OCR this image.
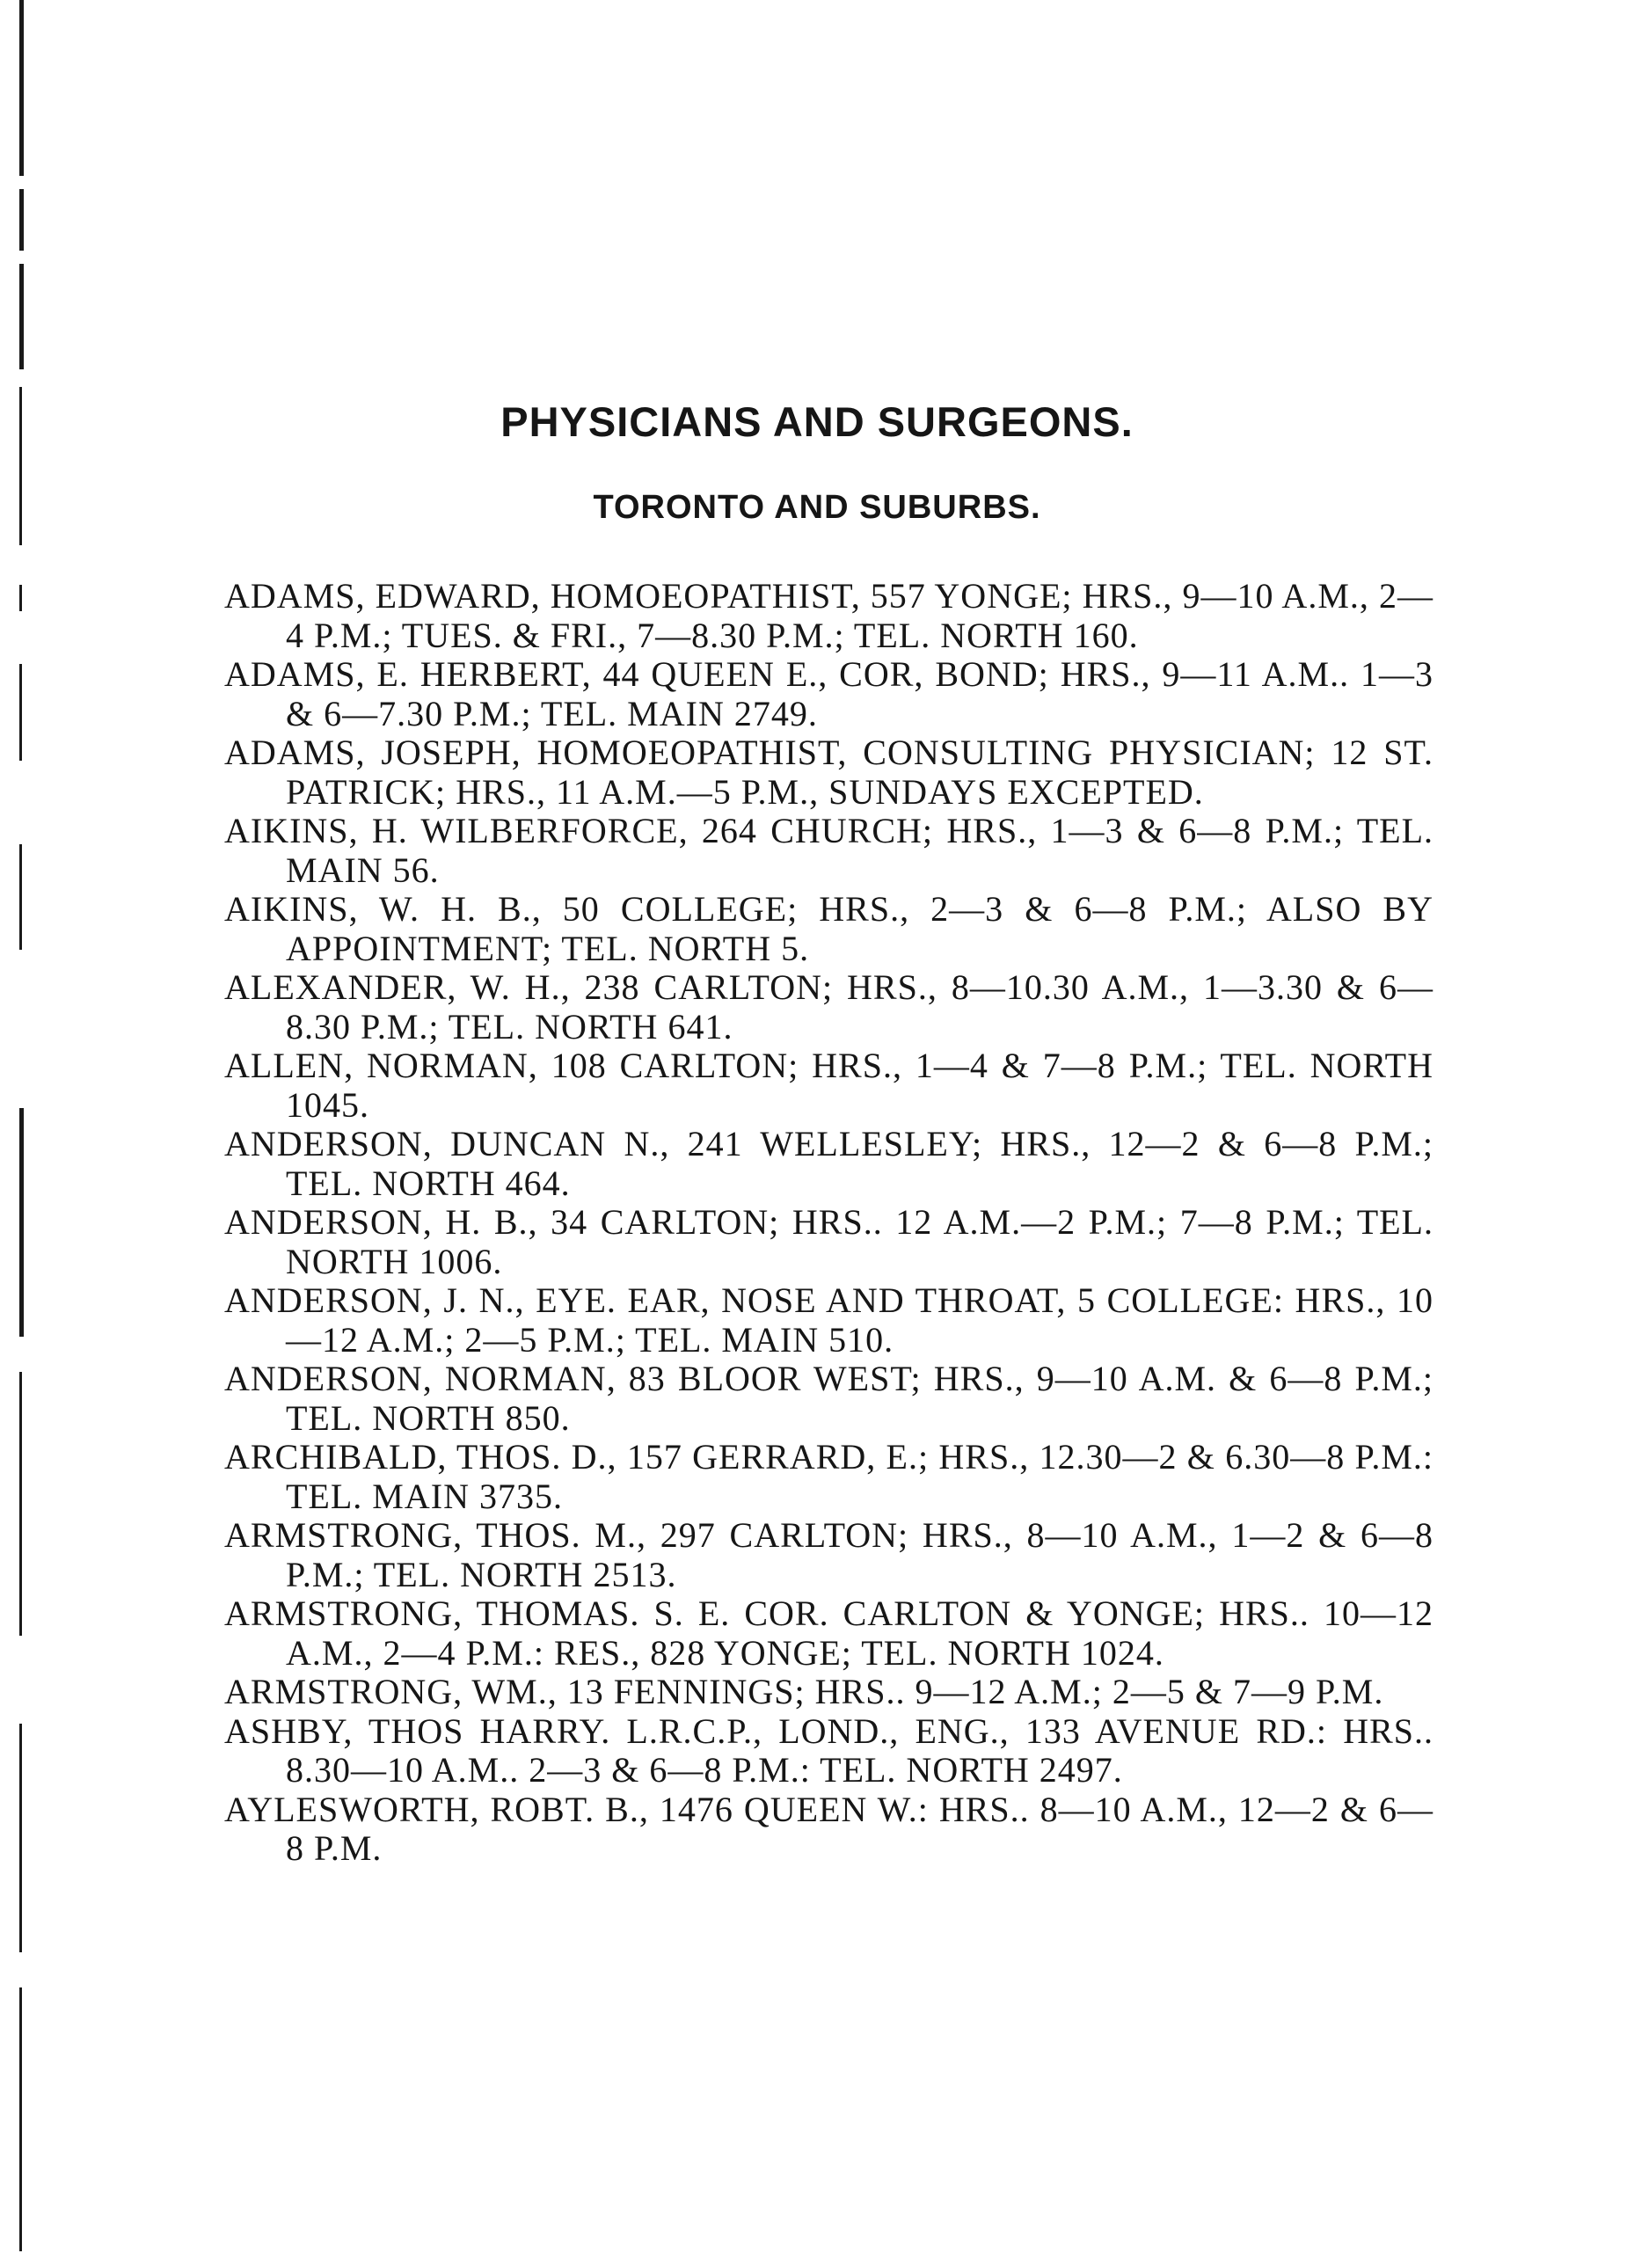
PHYSICIANS AND SURGEONS.
TORONTO AND SUBURBS.
ADAMS, EDWARD, HOMOEOPATHIST, 557 YONGE; HRS., 9—10 A.M., 2—4 P.M.; TUES. & FRI., 7—8.30 P.M.; TEL. NORTH 160.
ADAMS, E. HERBERT, 44 QUEEN E., COR, BOND; HRS., 9—11 A.M.. 1—3 & 6—7.30 P.M.; TEL. MAIN 2749.
ADAMS, JOSEPH, HOMOEOPATHIST, CONSULTING PHYSICIAN; 12 ST. PATRICK; HRS., 11 A.M.—5 P.M., SUNDAYS EXCEPTED.
AIKINS, H. WILBERFORCE, 264 CHURCH; HRS., 1—3 & 6—8 P.M.; TEL. MAIN 56.
AIKINS, W. H. B., 50 COLLEGE; HRS., 2—3 & 6—8 P.M.; ALSO BY APPOINTMENT; TEL. NORTH 5.
ALEXANDER, W. H., 238 CARLTON; HRS., 8—10.30 A.M., 1—3.30 & 6—8.30 P.M.; TEL. NORTH 641.
ALLEN, NORMAN, 108 CARLTON; HRS., 1—4 & 7—8 P.M.; TEL. NORTH 1045.
ANDERSON, DUNCAN N., 241 WELLESLEY; HRS., 12—2 & 6—8 P.M.; TEL. NORTH 464.
ANDERSON, H. B., 34 CARLTON; HRS.. 12 A.M.—2 P.M.; 7—8 P.M.; TEL. NORTH 1006.
ANDERSON, J. N., EYE. EAR, NOSE AND THROAT, 5 COLLEGE: HRS., 10—12 A.M.; 2—5 P.M.; TEL. MAIN 510.
ANDERSON, NORMAN, 83 BLOOR WEST; HRS., 9—10 A.M. & 6—8 P.M.; TEL. NORTH 850.
ARCHIBALD, THOS. D., 157 GERRARD, E.; HRS., 12.30—2 & 6.30—8 P.M.: TEL. MAIN 3735.
ARMSTRONG, THOS. M., 297 CARLTON; HRS., 8—10 A.M., 1—2 & 6—8 P.M.; TEL. NORTH 2513.
ARMSTRONG, THOMAS. S. E. COR. CARLTON & YONGE; HRS.. 10—12 A.M., 2—4 P.M.: RES., 828 YONGE; TEL. NORTH 1024.
ARMSTRONG, WM., 13 FENNINGS; HRS.. 9—12 A.M.; 2—5 & 7—9 P.M.
ASHBY, THOS HARRY. L.R.C.P., LOND., ENG., 133 AVENUE RD.: HRS.. 8.30—10 A.M.. 2—3 & 6—8 P.M.: TEL. NORTH 2497.
AYLESWORTH, ROBT. B., 1476 QUEEN W.: HRS.. 8—10 A.M., 12—2 & 6—8 P.M.
